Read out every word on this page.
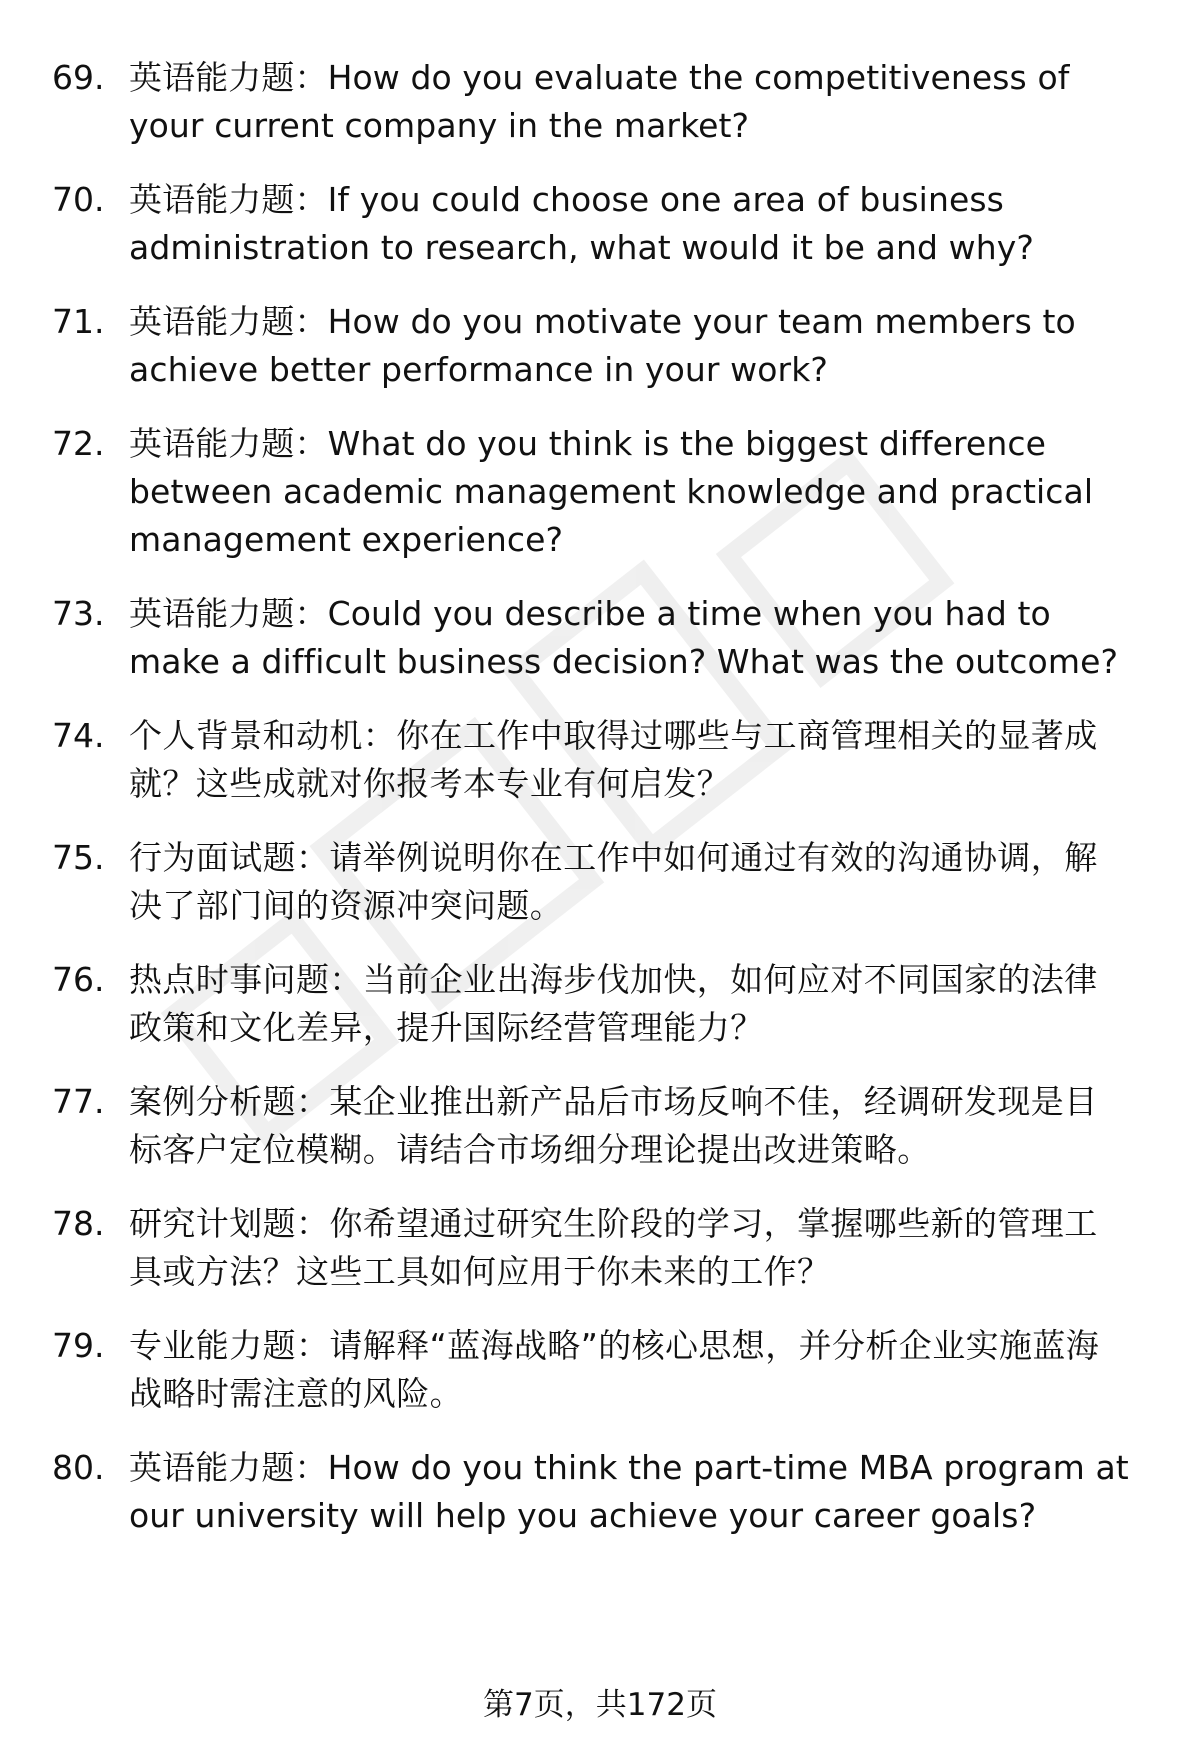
69. 英语能力题：How do you evaluate the competitiveness of your current company in the market?
70. 英语能力题：If you could choose one area of business administration to research, what would it be and why?
71. 英语能力题：How do you motivate your team members to achieve better performance in your work?
72. 英语能力题：What do you think is the biggest difference between academic management knowledge and practical management experience?
73. 英语能力题：Could you describe a time when you had to make a difficult business decision? What was the outcome?
74. 个人背景和动机：你在工作中取得过哪些与工商管理相关的显著成就？这些成就对你报考本专业有何启发？
75. 行为面试题：请举例说明你在工作中如何通过有效的沟通协调，解决了部门间的资源冲突问题。
76. 热点时事问题：当前企业出海步伐加快，如何应对不同国家的法律政策和文化差异，提升国际经营管理能力？
77. 案例分析题：某企业推出新产品后市场反响不佳，经调研发现是目标客户定位模糊。请结合市场细分理论提出改进策略。
78. 研究计划题：你希望通过研究生阶段的学习，掌握哪些新的管理工具或方法？这些工具如何应用于你未来的工作？
79. 专业能力题：请解释“蓝海战略”的核心思想，并分析企业实施蓝海战略时需注意的风险。
80. 英语能力题：How do you think the part-time MBA program at our university will help you achieve your career goals?
第7页，共172页
